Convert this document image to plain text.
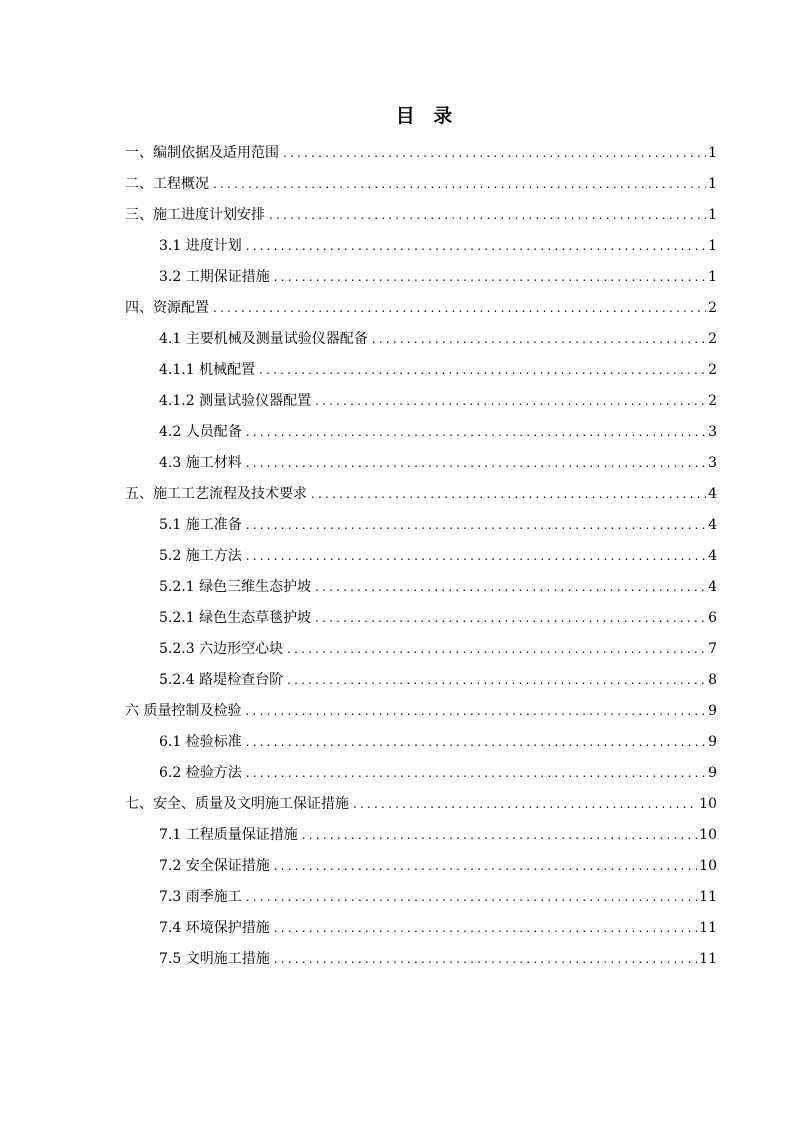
目 录
一、编制依据及适用范围 .....	1
二、工程概况 .....	1
三、施工进度计划安排 .....	1
3.1 进度计划 .....	1
3.2 工期保证措施 .....	1
四、资源配置 .....	2
4.1 主要机械及测量试验仪器配备 .....	2
4.1.1 机械配置 .....	2
4.1.2 测量试验仪器配置 .....	2
4.2 人员配备 .....	3
4.3 施工材料 .....	3
五、施工工艺流程及技术要求 .....	4
5.1 施工准备 .....	4
5.2 施工方法 .....	4
5.2.1 绿色三维生态护坡 .....	4
5.2.1 绿色生态草毯护坡 .....	6
5.2.3 六边形空心块 .....	7
5.2.4 路堤检查台阶 .....	8
六 质量控制及检验 .....	9
6.1 检验标准 .....	9
6.2 检验方法 .....	9
七、安全、质量及文明施工保证措施 .....	10
7.1 工程质量保证措施 .....	10
7.2 安全保证措施 .....	10
7.3 雨季施工 .....	11
7.4 环境保护措施 .....	11
7.5 文明施工措施 .....	11
